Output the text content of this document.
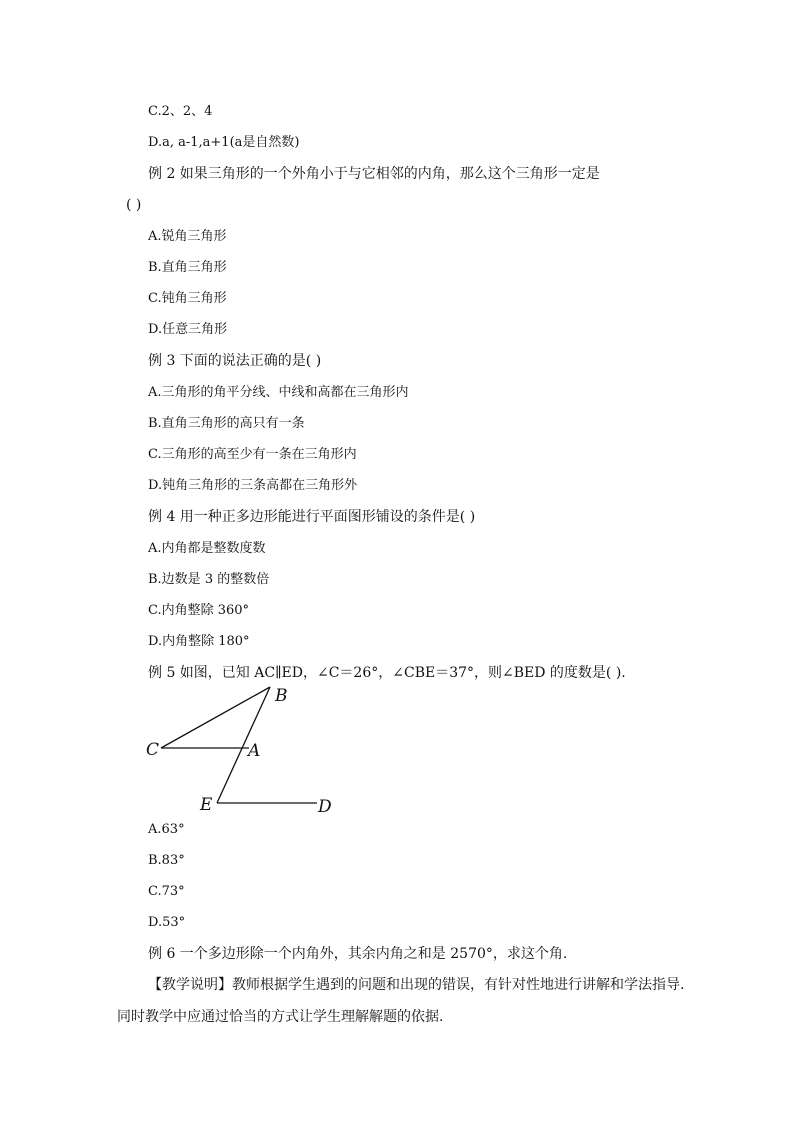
C.2、2、4
D.a, a-1,a+1(a是自然数)
例 2 如果三角形的一个外角小于与它相邻的内角，那么这个三角形一定是
( )
A.锐角三角形
B.直角三角形
C.钝角三角形
D.任意三角形
例 3 下面的说法正确的是( )
A.三角形的角平分线、中线和高都在三角形内
B.直角三角形的高只有一条
C.三角形的高至少有一条在三角形内
D.钝角三角形的三条高都在三角形外
例 4 用一种正多边形能进行平面图形铺设的条件是( )
A.内角都是整数度数
B.边数是 3 的整数倍
C.内角整除 360°
D.内角整除 180°
例 5 如图，已知 AC∥ED，∠C＝26°，∠CBE＝37°，则∠BED 的度数是( ).
B
C	A
E	D
A.63°
B.83°
C.73°
D.53°
例 6 一个多边形除一个内角外，其余内角之和是 2570°，求这个角.
【教学说明】教师根据学生遇到的问题和出现的错误，有针对性地进行讲解和学法指导.
同时教学中应通过恰当的方式让学生理解解题的依据.
